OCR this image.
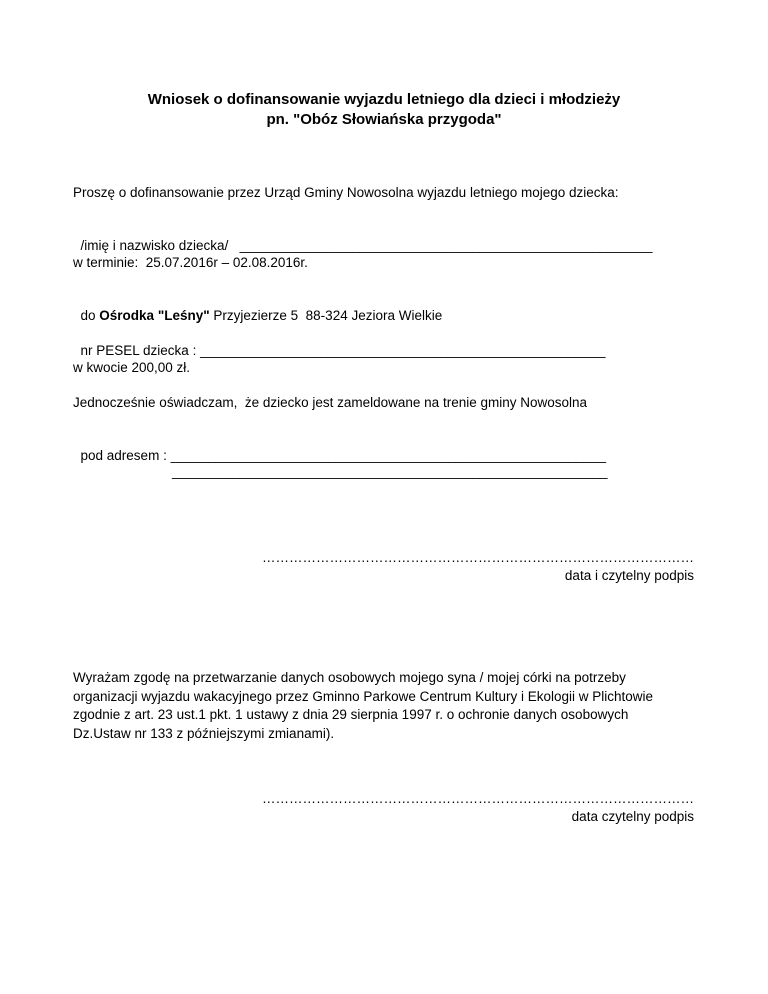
Wniosek o dofinansowanie wyjazdu letniego dla dzieci i młodzieży
pn. "Obóz Słowiańska przygoda"
Proszę o dofinansowanie przez Urząd Gminy Nowosolna wyjazdu letniego mojego dziecka:

/imię i nazwisko dziecka/ _______________________________________________________

w terminie:  25.07.2016r – 02.08.2016r.

do Ośrodka "Leśny" Przyjezierze 5  88-324 Jeziora Wielkie

nr PESEL dziecka : ______________________________________________________

w kwocie 200,00 zł.
Jednocześnie oświadczam,  że dziecko jest zameldowane na trenie gminy Nowosolna

pod adresem : __________________________________________________________

__________________________________________________________
……………………………………………………………………………………
data i czytelny podpis
Wyrażam zgodę na przetwarzanie danych osobowych mojego syna / mojej córki na potrzeby
organizacji wyjazdu wakacyjnego przez Gminno Parkowe Centrum Kultury i Ekologii w Plichtowie
zgodnie z art. 23 ust.1 pkt. 1 ustawy z dnia 29 sierpnia 1997 r. o ochronie danych osobowych
Dz.Ustaw nr 133 z późniejszymi zmianami).
……………………………………………………………………………………
data czytelny podpis
